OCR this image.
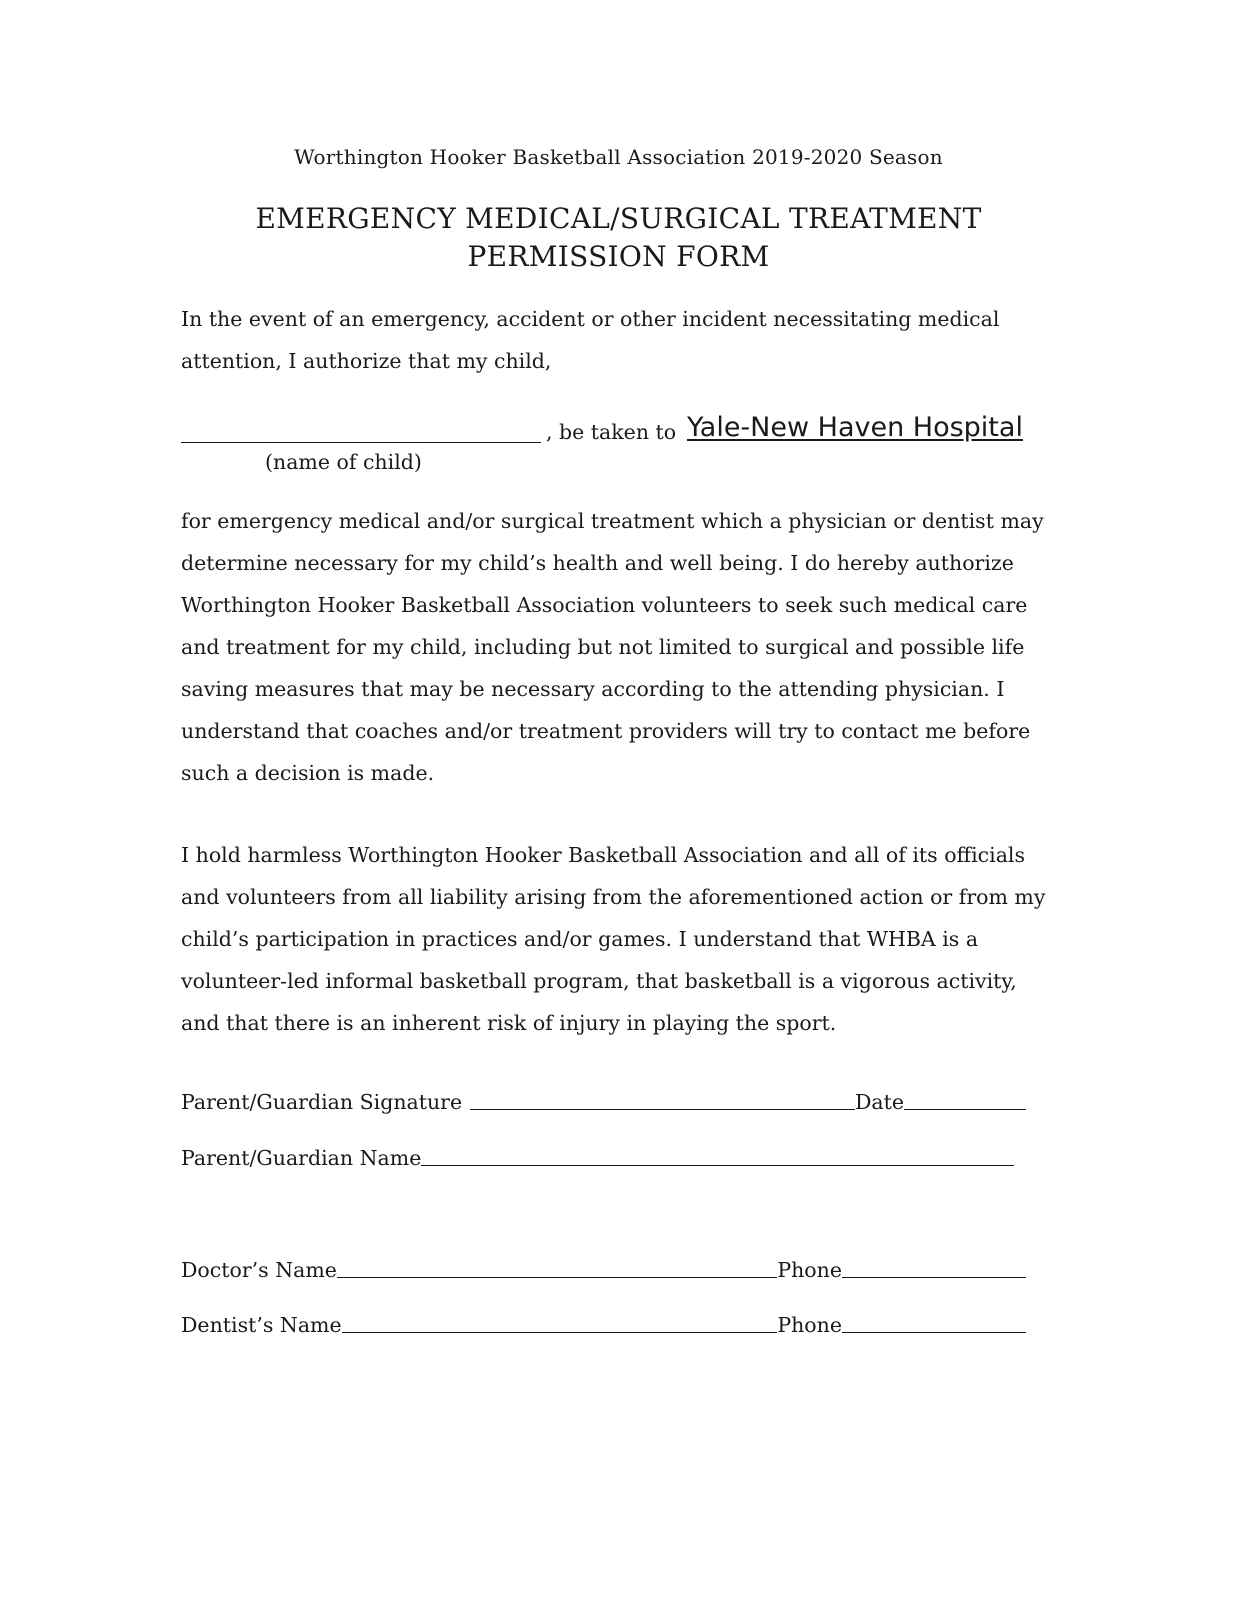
Worthington Hooker Basketball Association 2019-2020 Season
EMERGENCY MEDICAL/SURGICAL TREATMENT
PERMISSION FORM
In the event of an emergency, accident or other incident necessitating medical attention, I authorize that my child,
, be taken to Yale-New Haven Hospital
(name of child)
for emergency medical and/or surgical treatment which a physician or dentist may determine necessary for my child’s health and well being. I do hereby authorize Worthington Hooker Basketball Association volunteers to seek such medical care and treatment for my child, including but not limited to surgical and possible life saving measures that may be necessary according to the attending physician. I understand that coaches and/or treatment providers will try to contact me before such a decision is made.
I hold harmless Worthington Hooker Basketball Association and all of its officials and volunteers from all liability arising from the aforementioned action or from my child’s participation in practices and/or games. I understand that WHBA is a volunteer-led informal basketball program, that basketball is a vigorous activity, and that there is an inherent risk of injury in playing the sport.
Parent/Guardian Signature	Date
Parent/Guardian Name
Doctor’s Name	Phone
Dentist’s Name	Phone
